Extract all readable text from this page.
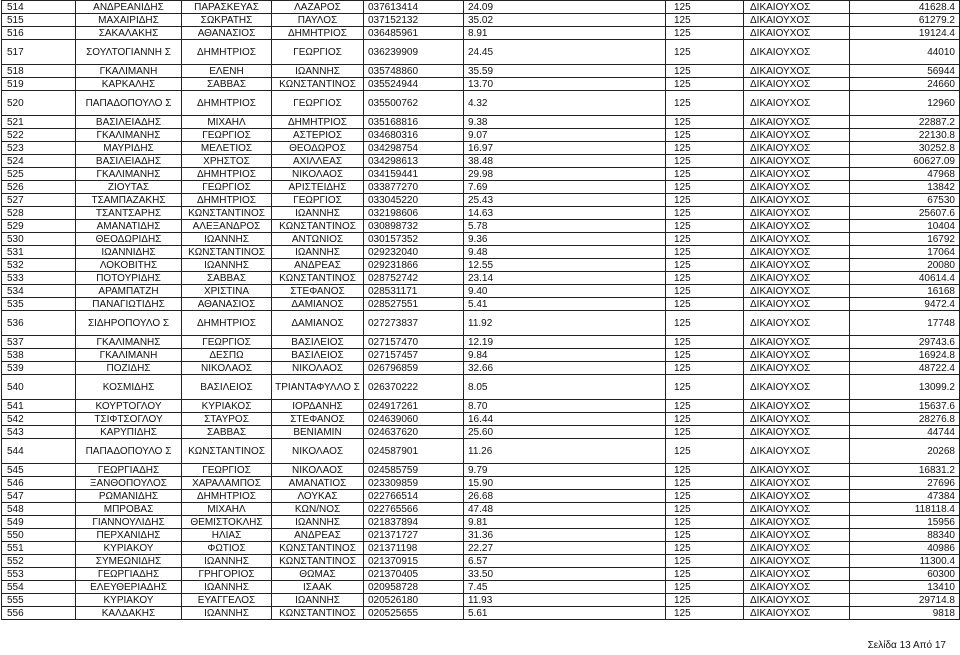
514	ΑΝΔΡΕΑΝΙΔΗΣ	ΠΑΡΑΣΚΕΥΑΣ	ΛΑΖΑΡΟΣ	037613414	24.09	125	ΔΙΚΑΙΟΥΧΟΣ	41628.4
515	ΜΑΧΑΙΡΙΔΗΣ	ΣΩΚΡΑΤΗΣ	ΠΑΥΛΟΣ	037152132	35.02	125	ΔΙΚΑΙΟΥΧΟΣ	61279.2
516	ΣΑΚΑΛΑΚΗΣ	ΑΘΑΝΑΣΙΟΣ	ΔΗΜΗΤΡΙΟΣ	036485961	8.91	125	ΔΙΚΑΙΟΥΧΟΣ	19124.4
517	ΣΟΥΛΤΟΓΙΑΝΝΗ Σ	ΔΗΜΗΤΡΙΟΣ	ΓΕΩΡΓΙΟΣ	036239909	24.45	125	ΔΙΚΑΙΟΥΧΟΣ	44010
518	ΓΚΑΛΙΜΑΝΗ	ΕΛΕΝΗ	ΙΩΑΝΝΗΣ	035748860	35.59	125	ΔΙΚΑΙΟΥΧΟΣ	56944
519	ΚΑΡΚΑΛΗΣ	ΣΑΒΒΑΣ	ΚΩΝΣΤΑΝΤΙΝΟΣ	035524944	13.70	125	ΔΙΚΑΙΟΥΧΟΣ	24660
520	ΠΑΠΑΔΟΠΟΥΛΟ Σ	ΔΗΜΗΤΡΙΟΣ	ΓΕΩΡΓΙΟΣ	035500762	4.32	125	ΔΙΚΑΙΟΥΧΟΣ	12960
521	ΒΑΣΙΛΕΙΑΔΗΣ	ΜΙΧΑΗΛ	ΔΗΜΗΤΡΙΟΣ	035168816	9.38	125	ΔΙΚΑΙΟΥΧΟΣ	22887.2
522	ΓΚΑΛΙΜΑΝΗΣ	ΓΕΩΡΓΙΟΣ	ΑΣΤΕΡΙΟΣ	034680316	9.07	125	ΔΙΚΑΙΟΥΧΟΣ	22130.8
523	ΜΑΥΡΙΔΗΣ	ΜΕΛΕΤΙΟΣ	ΘΕΟΔΩΡΟΣ	034298754	16.97	125	ΔΙΚΑΙΟΥΧΟΣ	30252.8
524	ΒΑΣΙΛΕΙΑΔΗΣ	ΧΡΗΣΤΟΣ	ΑΧΙΛΛΕΑΣ	034298613	38.48	125	ΔΙΚΑΙΟΥΧΟΣ	60627.09
525	ΓΚΑΛΙΜΑΝΗΣ	ΔΗΜΗΤΡΙΟΣ	ΝΙΚΟΛΑΟΣ	034159441	29.98	125	ΔΙΚΑΙΟΥΧΟΣ	47968
526	ΖΙΟΥΤΑΣ	ΓΕΩΡΓΙΟΣ	ΑΡΙΣΤΕΙΔΗΣ	033877270	7.69	125	ΔΙΚΑΙΟΥΧΟΣ	13842
527	ΤΣΑΜΠΑΖΑΚΗΣ	ΔΗΜΗΤΡΙΟΣ	ΓΕΩΡΓΙΟΣ	033045220	25.43	125	ΔΙΚΑΙΟΥΧΟΣ	67530
528	ΤΣΑΝΤΣΑΡΗΣ	ΚΩΝΣΤΑΝΤΙΝΟΣ	ΙΩΑΝΝΗΣ	032198606	14.63	125	ΔΙΚΑΙΟΥΧΟΣ	25607.6
529	ΑΜΑΝΑΤΙΔΗΣ	ΑΛΕΞΑΝΔΡΟΣ	ΚΩΝΣΤΑΝΤΙΝΟΣ	030898732	5.78	125	ΔΙΚΑΙΟΥΧΟΣ	10404
530	ΘΕΟΔΩΡΙΔΗΣ	ΙΩΑΝΝΗΣ	ΑΝΤΩΝΙΟΣ	030157352	9.36	125	ΔΙΚΑΙΟΥΧΟΣ	16792
531	ΙΩΑΝΝΙΔΗΣ	ΚΩΝΣΤΑΝΤΙΝΟΣ	ΙΩΑΝΝΗΣ	029232040	9.48	125	ΔΙΚΑΙΟΥΧΟΣ	17064
532	ΛΟΚΟΒΙΤΗΣ	ΙΩΑΝΝΗΣ	ΑΝΔΡΕΑΣ	029231866	12.55	125	ΔΙΚΑΙΟΥΧΟΣ	20080
533	ΠΟΤΟΥΡΙΔΗΣ	ΣΑΒΒΑΣ	ΚΩΝΣΤΑΝΤΙΝΟΣ	028752742	23.14	125	ΔΙΚΑΙΟΥΧΟΣ	40614.4
534	ΑΡΑΜΠΑΤΖΗ	ΧΡΙΣΤΙΝΑ	ΣΤΕΦΑΝΟΣ	028531171	9.40	125	ΔΙΚΑΙΟΥΧΟΣ	16168
535	ΠΑΝΑΓΙΩΤΙΔΗΣ	ΑΘΑΝΑΣΙΟΣ	ΔΑΜΙΑΝΟΣ	028527551	5.41	125	ΔΙΚΑΙΟΥΧΟΣ	9472.4
536	ΣΙΔΗΡΟΠΟΥΛΟ Σ	ΔΗΜΗΤΡΙΟΣ	ΔΑΜΙΑΝΟΣ	027273837	11.92	125	ΔΙΚΑΙΟΥΧΟΣ	17748
537	ΓΚΑΛΙΜΑΝΗΣ	ΓΕΩΡΓΙΟΣ	ΒΑΣΙΛΕΙΟΣ	027157470	12.19	125	ΔΙΚΑΙΟΥΧΟΣ	29743.6
538	ΓΚΑΛΙΜΑΝΗ	ΔΕΣΠΩ	ΒΑΣΙΛΕΙΟΣ	027157457	9.84	125	ΔΙΚΑΙΟΥΧΟΣ	16924.8
539	ΠΟΖΙΔΗΣ	ΝΙΚΟΛΑΟΣ	ΝΙΚΟΛΑΟΣ	026796859	32.66	125	ΔΙΚΑΙΟΥΧΟΣ	48722.4
540	ΚΟΣΜΙΔΗΣ	ΒΑΣΙΛΕΙΟΣ	ΤΡΙΑΝΤΑΦΥΛΛΟ Σ	026370222	8.05	125	ΔΙΚΑΙΟΥΧΟΣ	13099.2
541	ΚΟΥΡΤΟΓΛΟΥ	ΚΥΡΙΑΚΟΣ	ΙΟΡΔΑΝΗΣ	024917261	8.70	125	ΔΙΚΑΙΟΥΧΟΣ	15637.6
542	ΤΣΙΦΤΣΟΓΛΟΥ	ΣΤΑΥΡΟΣ	ΣΤΕΦΑΝΟΣ	024639060	16.44	125	ΔΙΚΑΙΟΥΧΟΣ	28276.8
543	ΚΑΡΥΠΙΔΗΣ	ΣΑΒΒΑΣ	ΒΕΝΙΑΜΙΝ	024637620	25.60	125	ΔΙΚΑΙΟΥΧΟΣ	44744
544	ΠΑΠΑΔΟΠΟΥΛΟ Σ	ΚΩΝΣΤΑΝΤΙΝΟΣ	ΝΙΚΟΛΑΟΣ	024587901	11.26	125	ΔΙΚΑΙΟΥΧΟΣ	20268
545	ΓΕΩΡΓΙΑΔΗΣ	ΓΕΩΡΓΙΟΣ	ΝΙΚΟΛΑΟΣ	024585759	9.79	125	ΔΙΚΑΙΟΥΧΟΣ	16831.2
546	ΞΑΝΘΟΠΟΥΛΟΣ	ΧΑΡΑΛΑΜΠΟΣ	ΑΜΑΝΑΤΙΟΣ	023309859	15.90	125	ΔΙΚΑΙΟΥΧΟΣ	27696
547	ΡΩΜΑΝΙΔΗΣ	ΔΗΜΗΤΡΙΟΣ	ΛΟΥΚΑΣ	022766514	26.68	125	ΔΙΚΑΙΟΥΧΟΣ	47384
548	ΜΠΡΟΒΑΣ	ΜΙΧΑΗΛ	ΚΩΝ/ΝΟΣ	022765566	47.48	125	ΔΙΚΑΙΟΥΧΟΣ	118118.4
549	ΓΙΑΝΝΟΥΛΙΔΗΣ	ΘΕΜΙΣΤΟΚΛΗΣ	ΙΩΑΝΝΗΣ	021837894	9.81	125	ΔΙΚΑΙΟΥΧΟΣ	15956
550	ΠΕΡΧΑΝΙΔΗΣ	ΗΛΙΑΣ	ΑΝΔΡΕΑΣ	021371727	31.36	125	ΔΙΚΑΙΟΥΧΟΣ	88340
551	ΚΥΡΙΑΚΟΥ	ΦΩΤΙΟΣ	ΚΩΝΣΤΑΝΤΙΝΟΣ	021371198	22.27	125	ΔΙΚΑΙΟΥΧΟΣ	40986
552	ΣΥΜΕΩΝΙΔΗΣ	ΙΩΑΝΝΗΣ	ΚΩΝΣΤΑΝΤΙΝΟΣ	021370915	6.57	125	ΔΙΚΑΙΟΥΧΟΣ	11300.4
553	ΓΕΩΡΓΙΑΔΗΣ	ΓΡΗΓΟΡΙΟΣ	ΘΩΜΑΣ	021370405	33.50	125	ΔΙΚΑΙΟΥΧΟΣ	60300
554	ΕΛΕΥΘΕΡΙΑΔΗΣ	ΙΩΑΝΝΗΣ	ΙΣΑΑΚ	020958728	7.45	125	ΔΙΚΑΙΟΥΧΟΣ	13410
555	ΚΥΡΙΑΚΟΥ	ΕΥΑΓΓΕΛΟΣ	ΙΩΑΝΝΗΣ	020526180	11.93	125	ΔΙΚΑΙΟΥΧΟΣ	29714.8
556	ΚΑΛΔΑΚΗΣ	ΙΩΑΝΝΗΣ	ΚΩΝΣΤΑΝΤΙΝΟΣ	020525655	5.61	125	ΔΙΚΑΙΟΥΧΟΣ	9818
Σελίδα 13 Από 17
